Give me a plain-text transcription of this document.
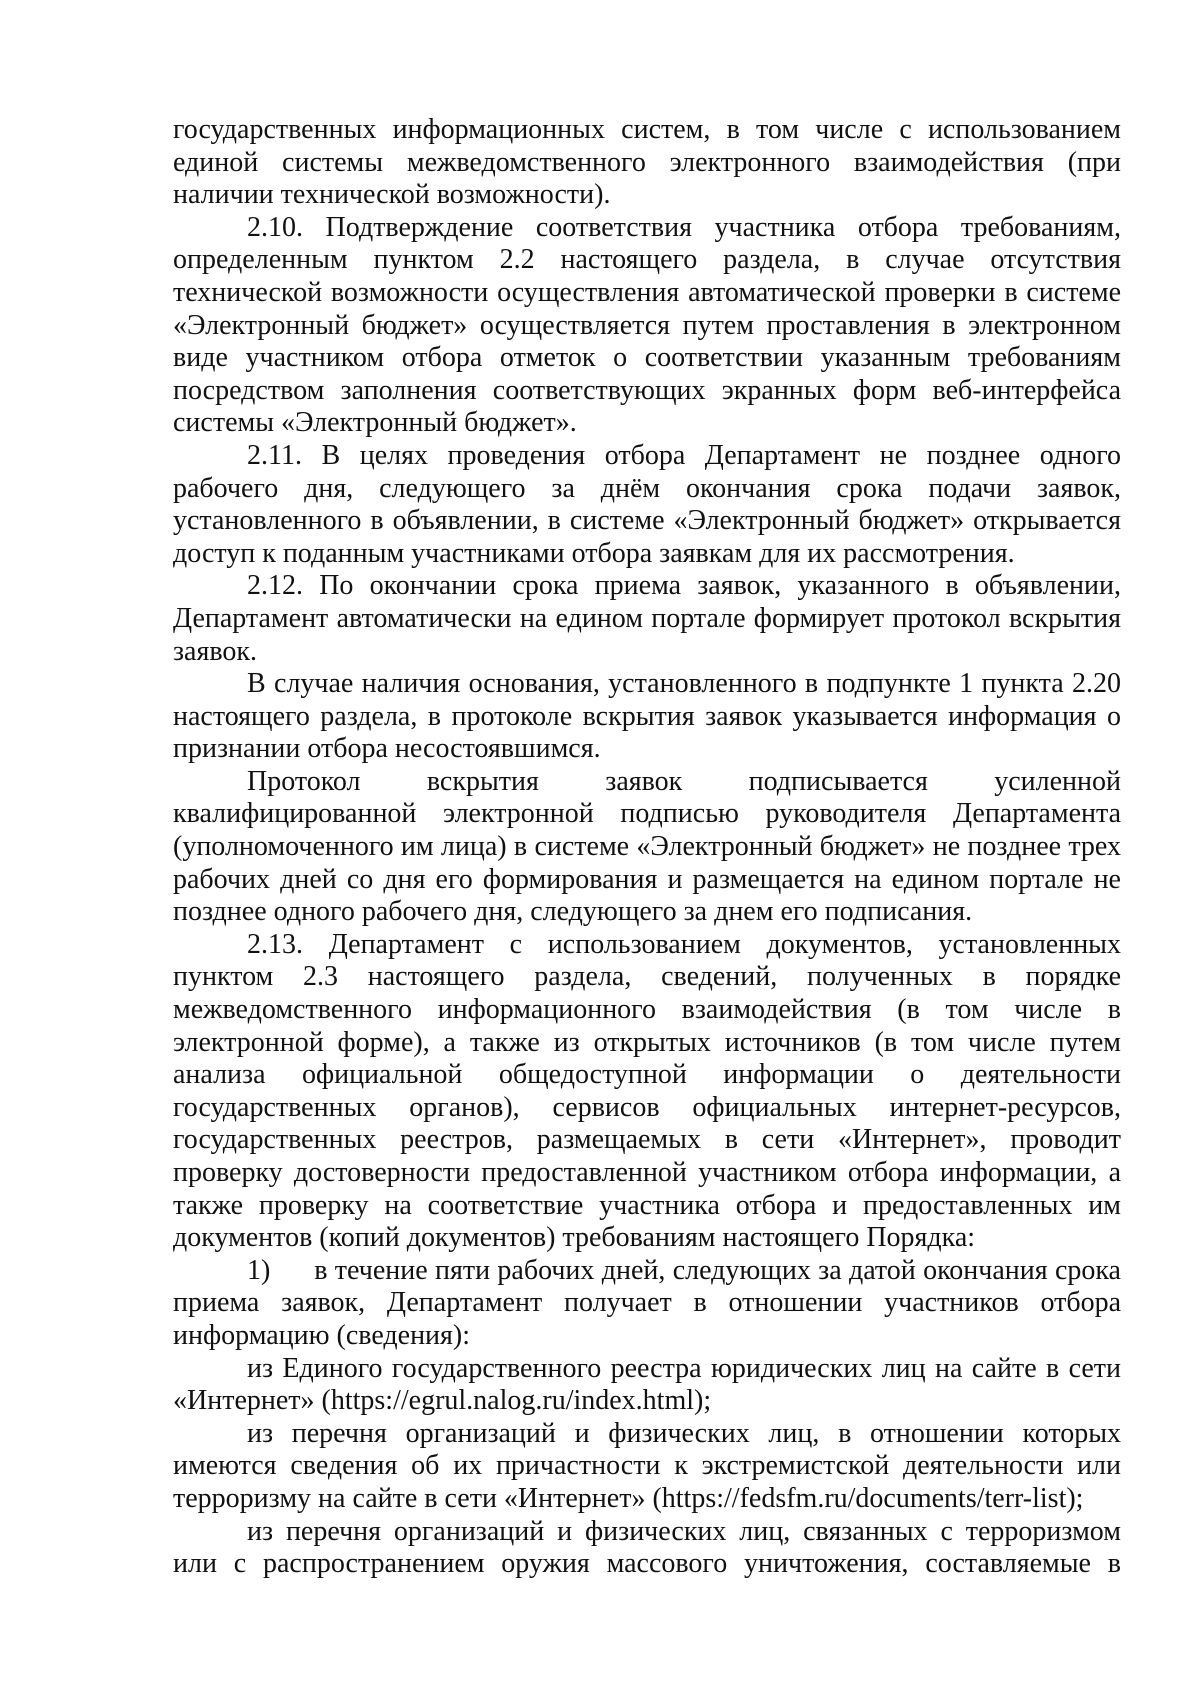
государственных информационных систем, в том числе с использованием единой системы межведомственного электронного взаимодействия (при наличии технической возможности).

2.10. Подтверждение соответствия участника отбора требованиям, определенным пунктом 2.2 настоящего раздела, в случае отсутствия технической возможности осуществления автоматической проверки в системе «Электронный бюджет» осуществляется путем проставления в электронном виде участником отбора отметок о соответствии указанным требованиям посредством заполнения соответствующих экранных форм веб-интерфейса системы «Электронный бюджет».

2.11. В целях проведения отбора Департамент не позднее одного рабочего дня, следующего за днём окончания срока подачи заявок, установленного в объявлении, в системе «Электронный бюджет» открывается доступ к поданным участниками отбора заявкам для их рассмотрения.

2.12. По окончании срока приема заявок, указанного в объявлении, Департамент автоматически на едином портале формирует протокол вскрытия заявок.

В случае наличия основания, установленного в подпункте 1 пункта 2.20 настоящего раздела, в протоколе вскрытия заявок указывается информация о признании отбора несостоявшимся.

Протокол вскрытия заявок подписывается усиленной квалифицированной электронной подписью руководителя Департамента (уполномоченного им лица) в системе «Электронный бюджет» не позднее трех рабочих дней со дня его формирования и размещается на едином портале не позднее одного рабочего дня, следующего за днем его подписания.

2.13. Департамент с использованием документов, установленных пунктом 2.3 настоящего раздела, сведений, полученных в порядке межведомственного информационного взаимодействия (в том числе в электронной форме), а также из открытых источников (в том числе путем анализа официальной общедоступной информации о деятельности государственных органов), сервисов официальных интернет-ресурсов, государственных реестров, размещаемых в сети «Интернет», проводит проверку достоверности предоставленной участником отбора информации, а также проверку на соответствие участника отбора и предоставленных им документов (копий документов) требованиям настоящего Порядка:

1)      в течение пяти рабочих дней, следующих за датой окончания срока приема заявок, Департамент получает в отношении участников отбора информацию (сведения):

из Единого государственного реестра юридических лиц на сайте в сети «Интернет» (https://egrul.nalog.ru/index.html);

из перечня организаций и физических лиц, в отношении которых имеются сведения об их причастности к экстремистской деятельности или терроризму на сайте в сети «Интернет» (https://fedsfm.ru/documents/terr-list);

из перечня организаций и физических лиц, связанных с терроризмом или с распространением оружия массового уничтожения, составляемые в
